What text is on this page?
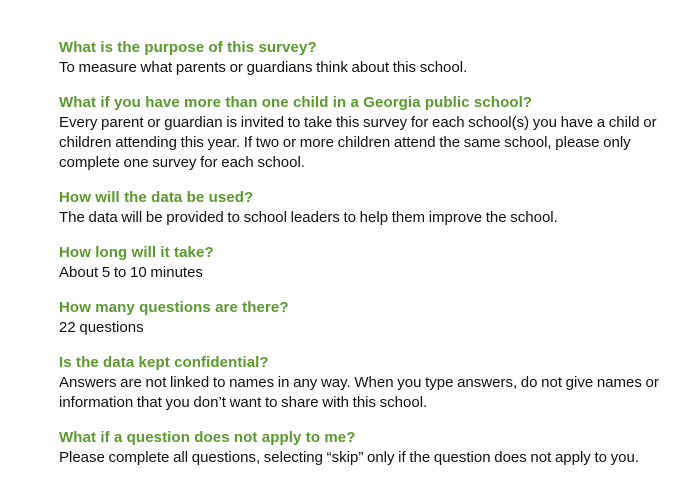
What is the purpose of this survey?

To measure what parents or guardians think about this school.

What if you have more than one child in a Georgia public school?

Every parent or guardian is invited to take this survey for each school(s) you have a child or children attending this year. If two or more children attend the same school, please only complete one survey for each school.

How will the data be used?

The data will be provided to school leaders to help them improve the school.

How long will it take?

About 5 to 10 minutes

How many questions are there?

22 questions

Is the data kept confidential?

Answers are not linked to names in any way. When you type answers, do not give names or information that you don’t want to share with this school.

What if a question does not apply to me?

Please complete all questions, selecting “skip” only if the question does not apply to you.
